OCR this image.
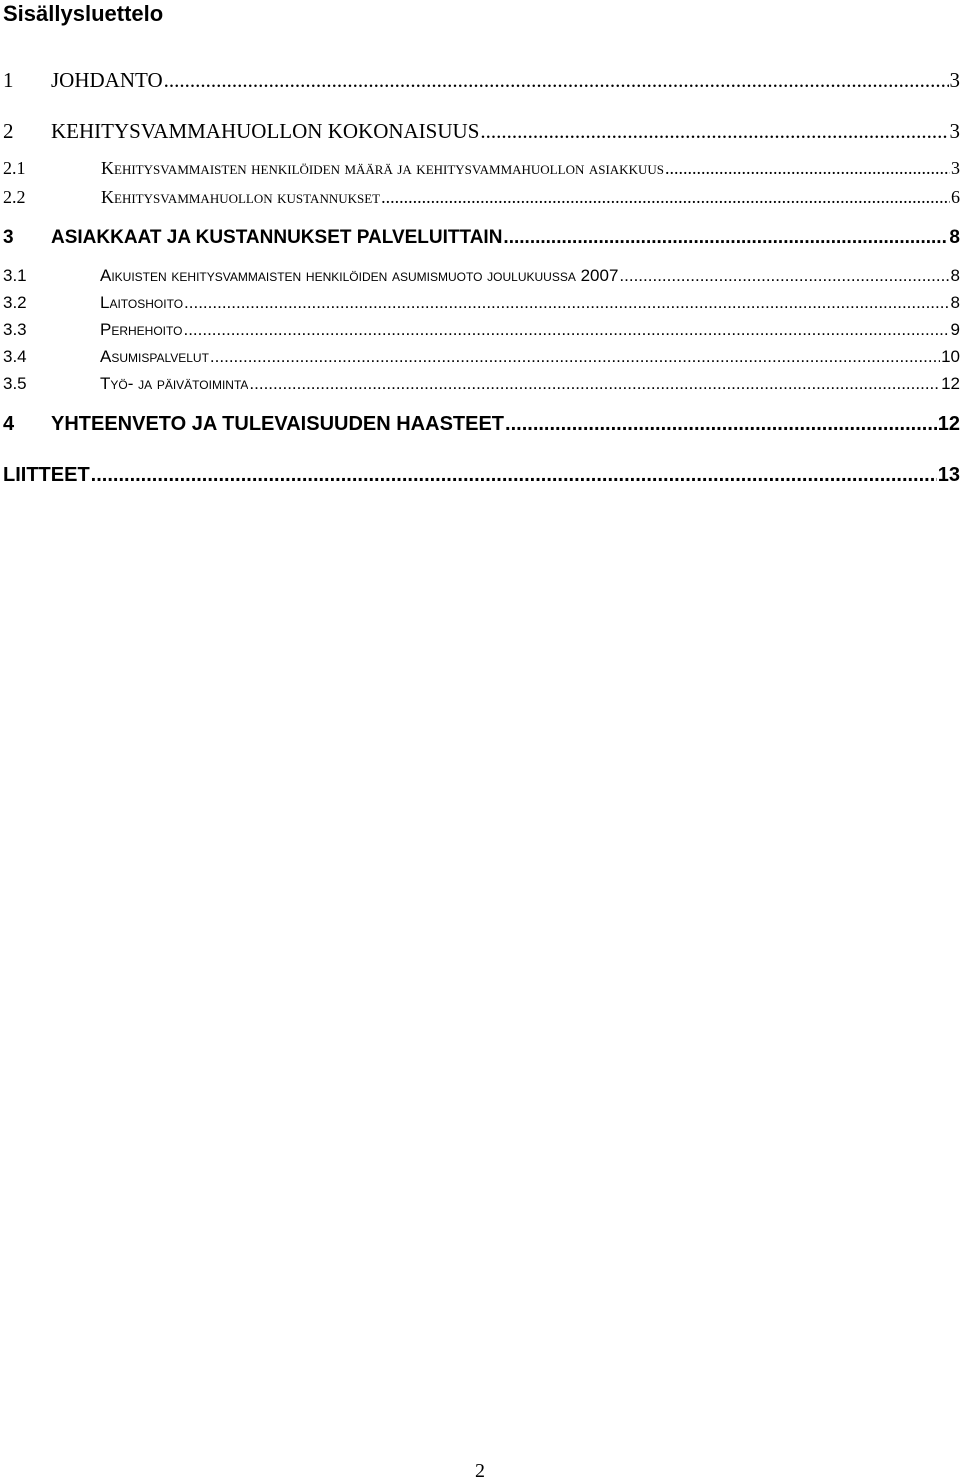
Sisällysluettelo
1	JOHDANTO .....	3
2	KEHITYSVAMMAHUOLLON KOKONAISUUS .....	3
2.1	Kehitysvammaisten henkilöiden määrä ja kehitysvammahuollon asiakkuus .....	3
2.2	Kehitysvammahuollon kustannukset .....	6
3	ASIAKKAAT JA KUSTANNUKSET PALVELUITTAIN .....	8
3.1	Aikuisten kehitysvammaisten henkilöiden asumismuoto joulukuussa 2007 .....	8
3.2	Laitoshoito .....	8
3.3	Perhehoito .....	9
3.4	Asumispalvelut .....	10
3.5	Työ- ja päivätoiminta .....	12
4	YHTEENVETO JA TULEVAISUUDEN HAASTEET .....	12
LIITTEET .....	13
2
